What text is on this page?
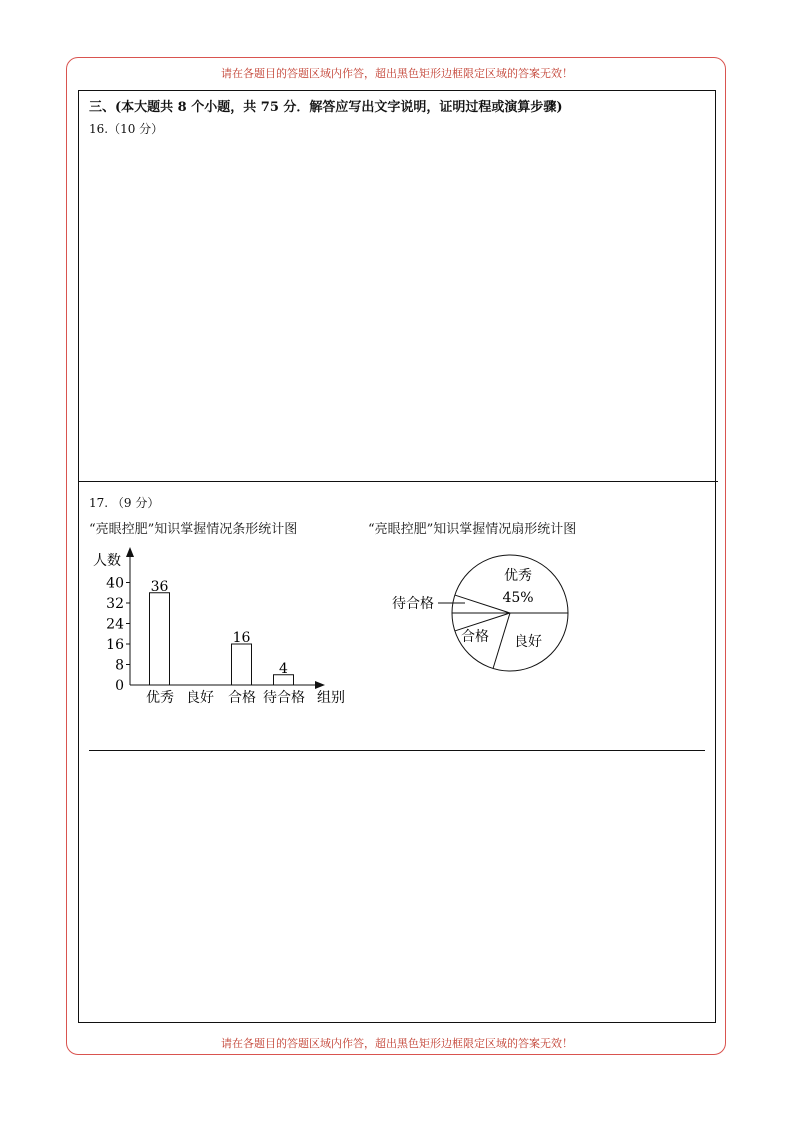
请在各题目的答题区域内作答，超出黑色矩形边框限定区域的答案无效！
三、(本大题共 8 个小题，共 75 分．解答应写出文字说明，证明过程或演算步骤)
16.（10 分）
17. （9 分）
“亮眼控肥”知识掌握情况条形统计图	“亮眼控肥”知识掌握情况扇形统计图
人数
组别
0
8
16
24
32
40
优秀 良好 合格 待合格
36
16
4
优秀
45%
良好
合格
待合格
请在各题目的答题区域内作答，超出黑色矩形边框限定区域的答案无效！
